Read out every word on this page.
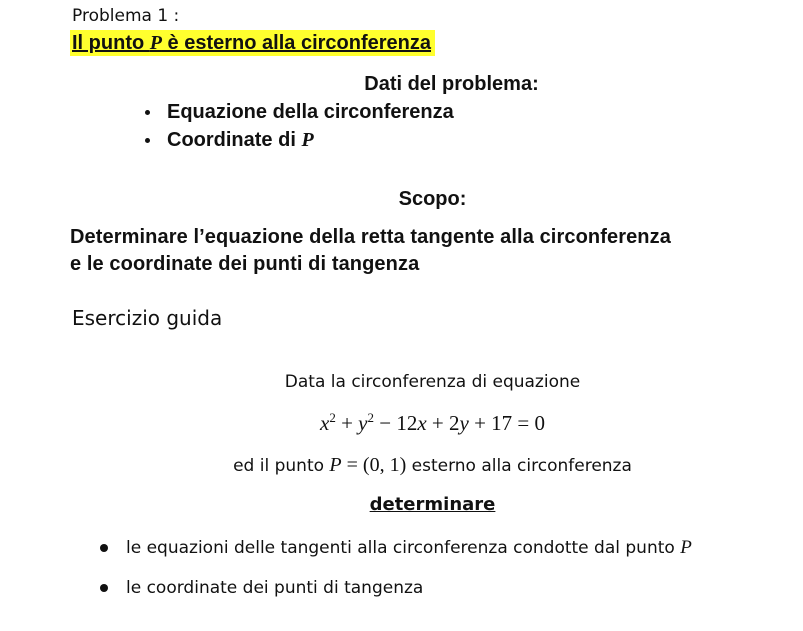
Problema 1 :
Il punto P è esterno alla circonferenza
Dati del problema:
Equazione della circonferenza
Coordinate di P
Scopo:
Determinare l’equazione della retta tangente alla circonferenza
e le coordinate dei punti di tangenza
Esercizio guida
Data la circonferenza di equazione
$x^2 + y^2 - 12x + 2y + 17 = 0$
ed il punto P = (0, 1) esterno alla circonferenza
determinare
le equazioni delle tangenti alla circonferenza condotte dal punto P
le coordinate dei punti di tangenza
